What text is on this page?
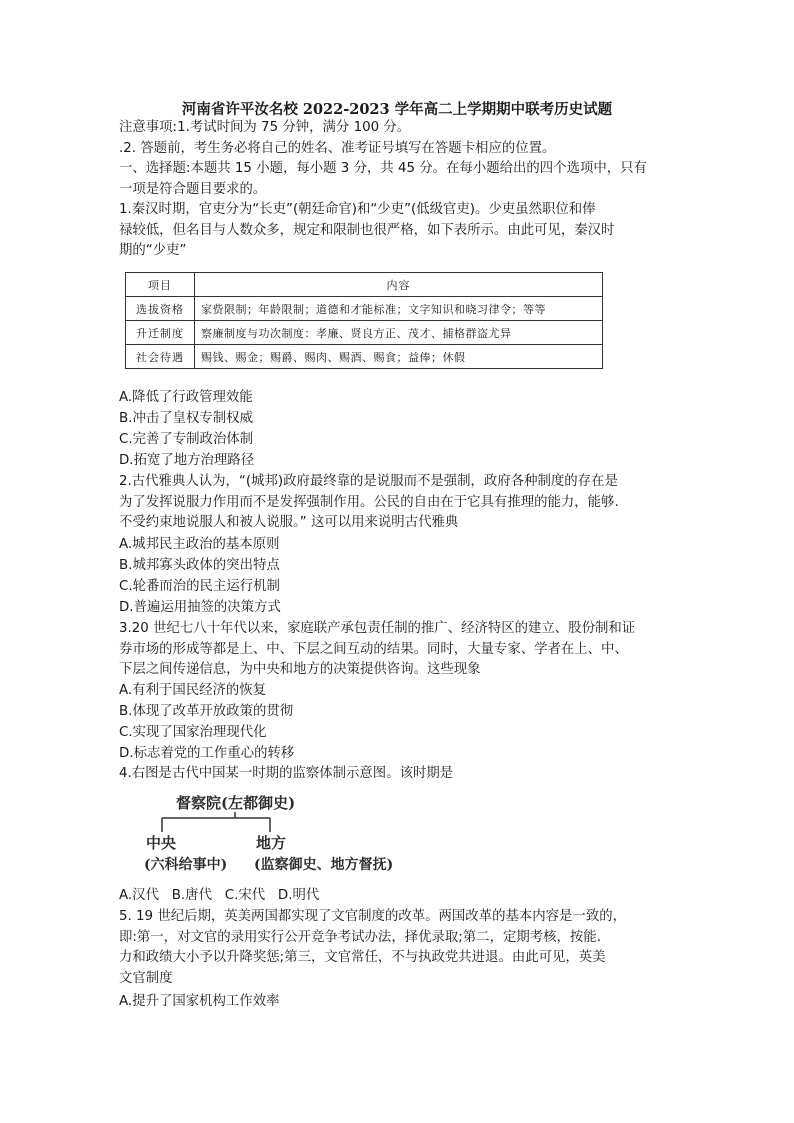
河南省许平汝名校 2022-2023 学年高二上学期期中联考历史试题
注意事项:1.考试时间为 75 分钟，满分 100 分。
.2. 答题前，考生务必将自己的姓名、准考证号填写在答题卡相应的位置。
一、选择题:本题共 15 小题，每小题 3 分，共 45 分。在每小题给出的四个选项中，只有
一项是符合题目要求的。
1.秦汉时期，官吏分为“长吏”(朝廷命官)和“少吏”(低级官吏)。少吏虽然职位和俸
禄较低，但名目与人数众多，规定和限制也很严格，如下表所示。由此可见，秦汉时
期的“少吏”
项目	内容
选拔资格	家赀限制；年龄限制；道德和才能标准；文字知识和晓习律令；等等
升迁制度	察廉制度与功次制度：孝廉、贤良方正、茂才、捕格群盗尤异
社会待遇	赐钱、赐金；赐爵、赐肉、赐酒、赐食；益俸；休假
A.降低了行政管理效能
B.冲击了皇权专制权威
C.完善了专制政治体制
D.拓宽了地方治理路径
2.古代雅典人认为，“(城邦)政府最终靠的是说服而不是强制，政府各种制度的存在是
为了发挥说服力作用而不是发挥强制作用。公民的自由在于它具有推理的能力，能够.
不受约束地说服人和被人说服。” 这可以用来说明古代雅典
A.城邦民主政治的基本原则
B.城邦寡头政体的突出特点
C.轮番而治的民主运行机制
D.普遍运用抽签的决策方式
3.20 世纪七八十年代以来，家庭联产承包责任制的推广、经济特区的建立、股份制和证
券市场的形成等都是上、中、下层之间互动的结果。同时，大量专家、学者在上、中、
下层之间传递信息，为中央和地方的决策提供咨询。这些现象
A.有利于国民经济的恢复
B.体现了改革开放政策的贯彻
C.实现了国家治理现代化
D.标志着党的工作重心的转移
4.右图是古代中国某一时期的监察体制示意图。该时期是
督察院(左都御史)
中央
(六科给事中)
地方
(监察御史、地方督抚)
A.汉代   B.唐代   C.宋代   D.明代
5. 19 世纪后期，英美两国都实现了文官制度的改革。两国改革的基本内容是一致的，
即:第一，对文官的录用实行公开竞争考试办法，择优录取;第二，定期考核，按能.
力和政绩大小予以升降奖惩;第三，文官常任，不与执政党共进退。由此可见，英美
文官制度
A.提升了国家机构工作效率
